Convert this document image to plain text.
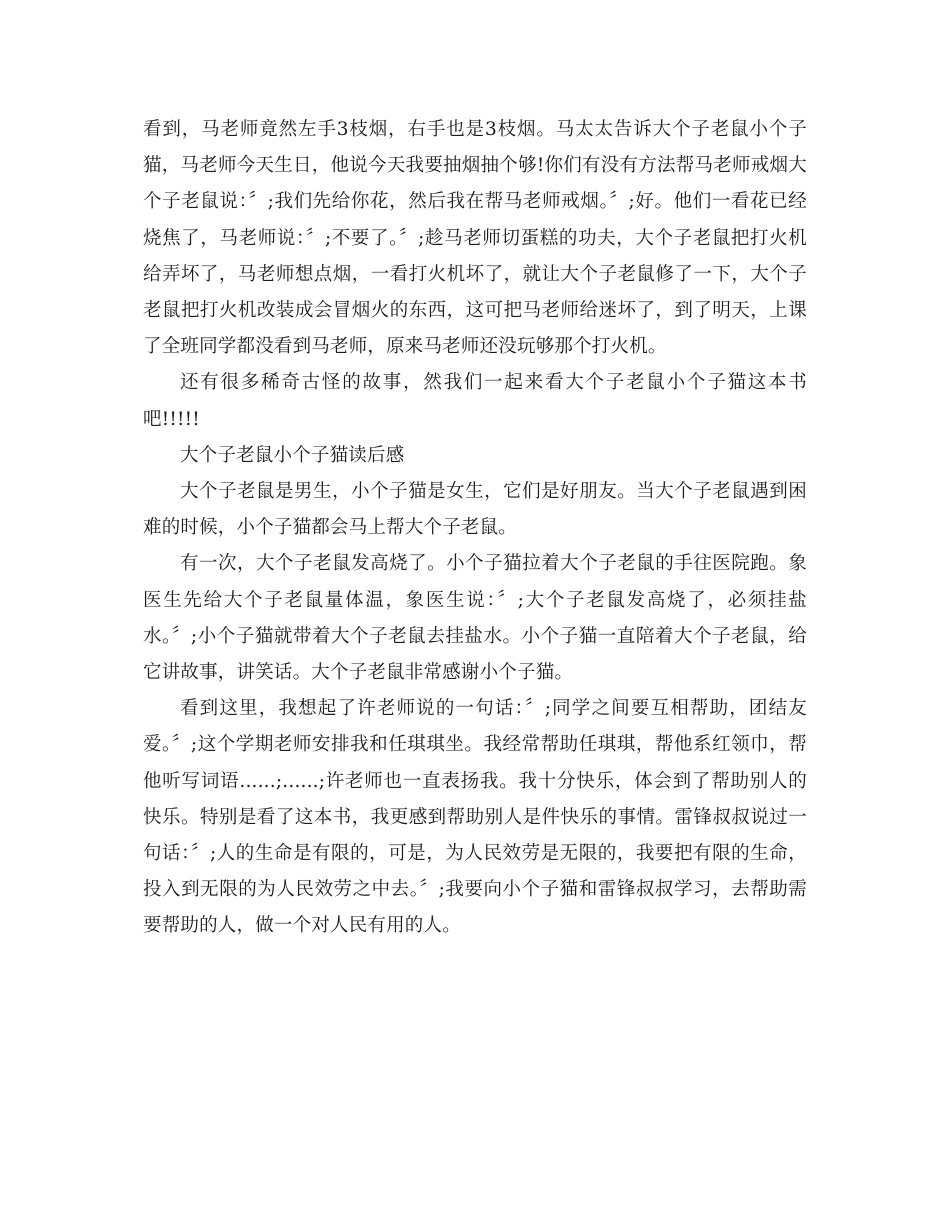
看到，马老师竟然左手3枝烟，右手也是3枝烟。马太太告诉大个子老鼠小个子猫，马老师今天生日，他说今天我要抽烟抽个够!你们有没有方法帮马老师戒烟大个子老鼠说：〞;我们先给你花，然后我在帮马老师戒烟。〞;好。他们一看花已经烧焦了，马老师说：〞;不要了。〞;趁马老师切蛋糕的功夫，大个子老鼠把打火机给弄坏了，马老师想点烟，一看打火机坏了，就让大个子老鼠修了一下，大个子老鼠把打火机改装成会冒烟火的东西，这可把马老师给迷坏了，到了明天，上课了全班同学都没看到马老师，原来马老师还没玩够那个打火机。

还有很多稀奇古怪的故事，然我们一起来看大个子老鼠小个子猫这本书吧!!!!!

大个子老鼠小个子猫读后感

大个子老鼠是男生，小个子猫是女生，它们是好朋友。当大个子老鼠遇到困难的时候，小个子猫都会马上帮大个子老鼠。

有一次，大个子老鼠发高烧了。小个子猫拉着大个子老鼠的手往医院跑。象医生先给大个子老鼠量体温，象医生说：〞;大个子老鼠发高烧了，必须挂盐水。〞;小个子猫就带着大个子老鼠去挂盐水。小个子猫一直陪着大个子老鼠，给它讲故事，讲笑话。大个子老鼠非常感谢小个子猫。

看到这里，我想起了许老师说的一句话：〞;同学之间要互相帮助，团结友爱。〞;这个学期老师安排我和任琪琪坐。我经常帮助任琪琪，帮他系红领巾，帮他听写词语......;......;许老师也一直表扬我。我十分快乐，体会到了帮助别人的快乐。特别是看了这本书，我更感到帮助别人是件快乐的事情。雷锋叔叔说过一句话：〞;人的生命是有限的，可是，为人民效劳是无限的，我要把有限的生命，投入到无限的为人民效劳之中去。〞;我要向小个子猫和雷锋叔叔学习，去帮助需要帮助的人，做一个对人民有用的人。
